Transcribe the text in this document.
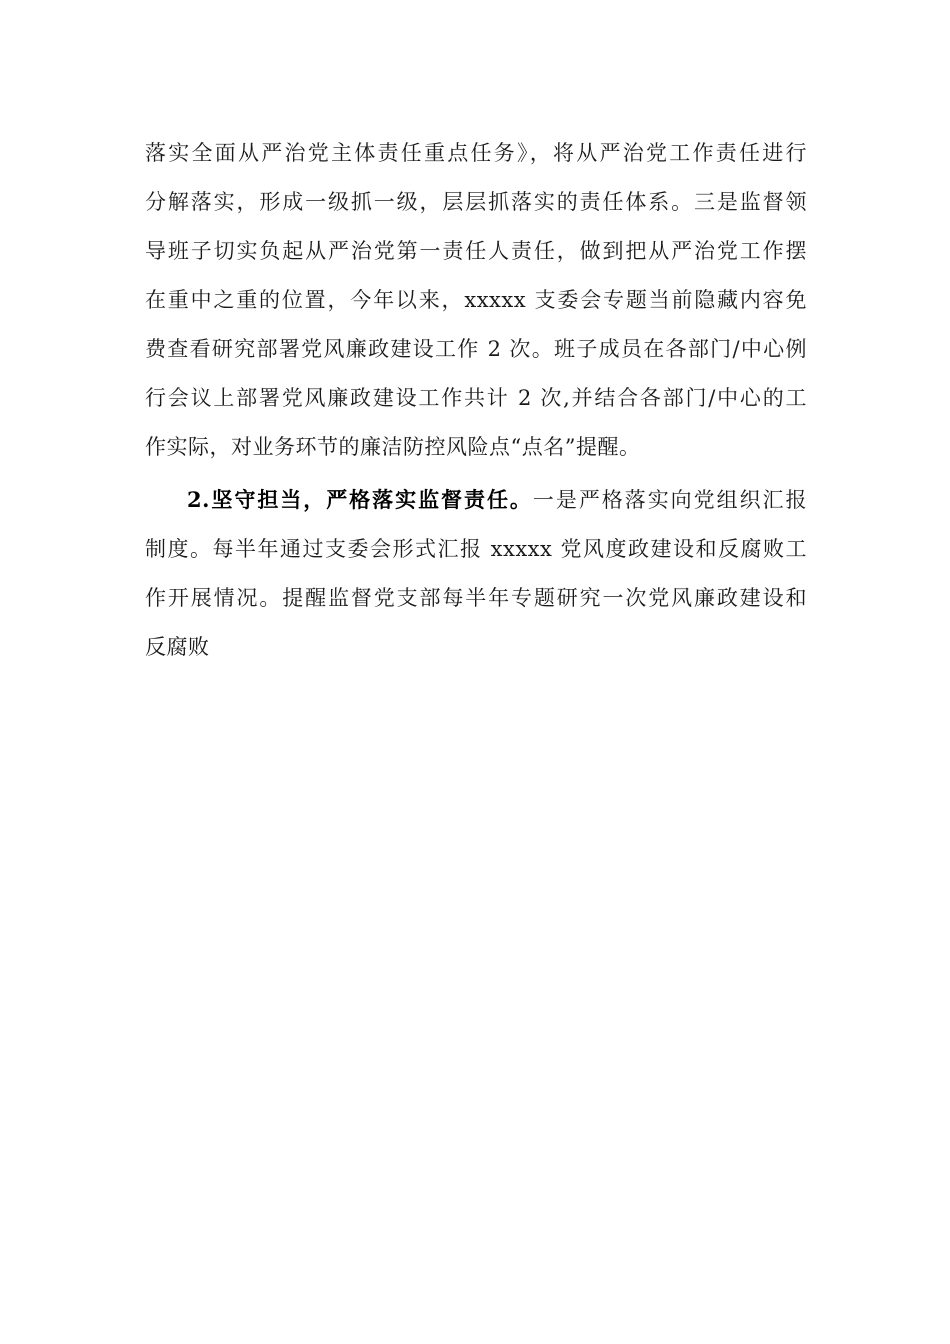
落实全面从严治党主体责任重点任务》，将从严治党工作责任进行
分解落实，形成一级抓一级，层层抓落实的责任体系。三是监督领
导班子切实负起从严治党第一责任人责任，做到把从严治党工作摆
在重中之重的位置，今年以来，xxxxx 支委会专题当前隐藏内容免
费查看研究部署党风廉政建设工作 2 次。班子成员在各部门/中心例
行会议上部署党风廉政建设工作共计 2 次,并结合各部门/中心的工
作实际，对业务环节的廉洁防控风险点“点名”提醒。
2.坚守担当，严格落实监督责任。一是严格落实向党组织汇报
制度。每半年通过支委会形式汇报 xxxxx 党风度政建设和反腐败工
作开展情况。提醒监督党支部每半年专题研究一次党风廉政建设和
反腐败
